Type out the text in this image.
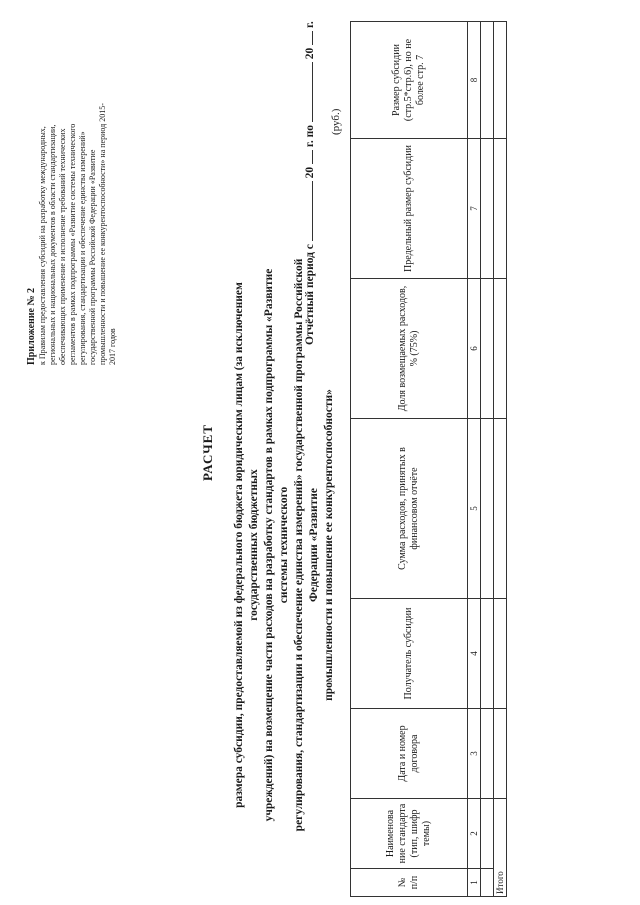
Приложение № 2 к Правилам предоставления субсидий на разработку международных, региональных и национальных документов в области стандартизации, обеспечивающих применение и исполнение требований технических регламентов в рамках подпрограммы «Развитие системы технического регулирования, стандартизации и обеспечение единства измерений» государственной программы Российской Федерации «Развитие промышленности и повышение ее конкурентоспособности» на период 2015- 2017 годов
РАСЧЕТ размера субсидии, предоставляемой из федерального бюджета юридическим лицам (за исключением государственных бюджетных учреждений) на возмещение части расходов на разработку стандартов в рамках подпрограммы «Развитие системы технического регулирования, стандартизации и обеспечение единства измерений» государственной программы Российской Федерации «Развитие промышленности и повышение ее конкурентоспособности»
Отчётный период с  20  г. по  20  г.
(руб.)
№ п/п	Наименова ние стандарта (тип, шифр темы)	Дата и номер договора	Получатель субсидии	Сумма расходов, принятых в финансовом отчёте	Доля возмещаемых расходов, % (75%)	Предельный размер субсидии	Размер субсидии (стр.5*стр.6), но не более стр. 7
1	2	3	4	5	6	7	8

Итого							
